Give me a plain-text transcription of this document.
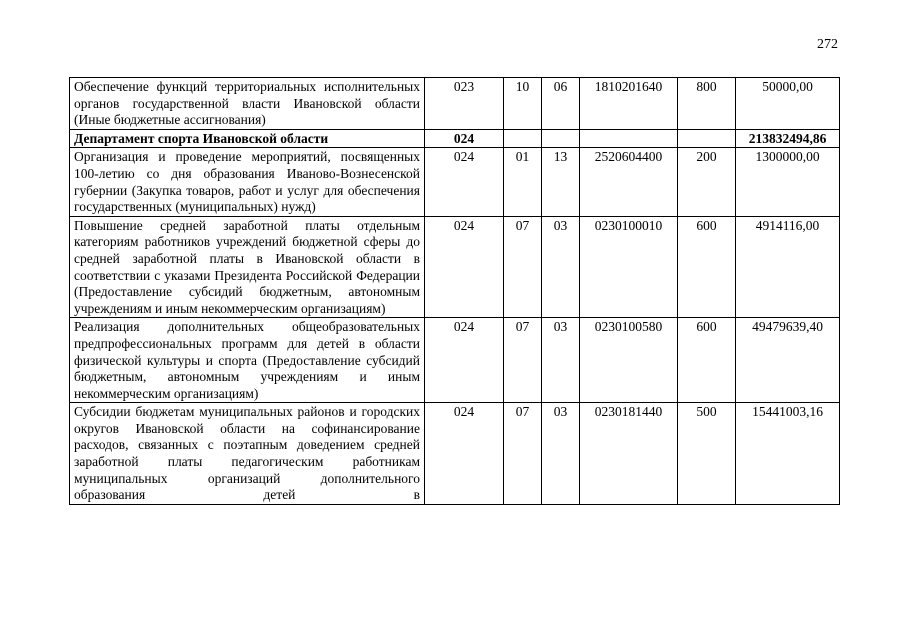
272
Обеспечение функций территориальных исполнительных органов государственной власти Ивановской области (Иные бюджетные ассигнования)	023	10	06	1810201640	800	50000,00
Департамент спорта Ивановской области	024					213832494,86
Организация и проведение мероприятий, посвященных 100-летию со дня образования Иваново-Вознесенской губернии (Закупка товаров, работ и услуг для обеспечения государственных (муниципальных) нужд)	024	01	13	2520604400	200	1300000,00
Повышение средней заработной платы отдельным категориям работников учреждений бюджетной сферы до средней заработной платы в Ивановской области в соответствии с указами Президента Российской Федерации (Предоставление субсидий бюджетным, автономным учреждениям и иным некоммерческим организациям)	024	07	03	0230100010	600	4914116,00
Реализация дополнительных общеобразовательных предпрофессиональных программ для детей в области физической культуры и спорта (Предоставление субсидий бюджетным, автономным учреждениям и иным некоммерческим организациям)	024	07	03	0230100580	600	49479639,40
Субсидии бюджетам муниципальных районов и городских округов Ивановской области на софинансирование расходов, связанных с поэтапным доведением средней заработной платы педагогическим работникам муниципальных организаций дополнительного образования детей в	024	07	03	0230181440	500	15441003,16
